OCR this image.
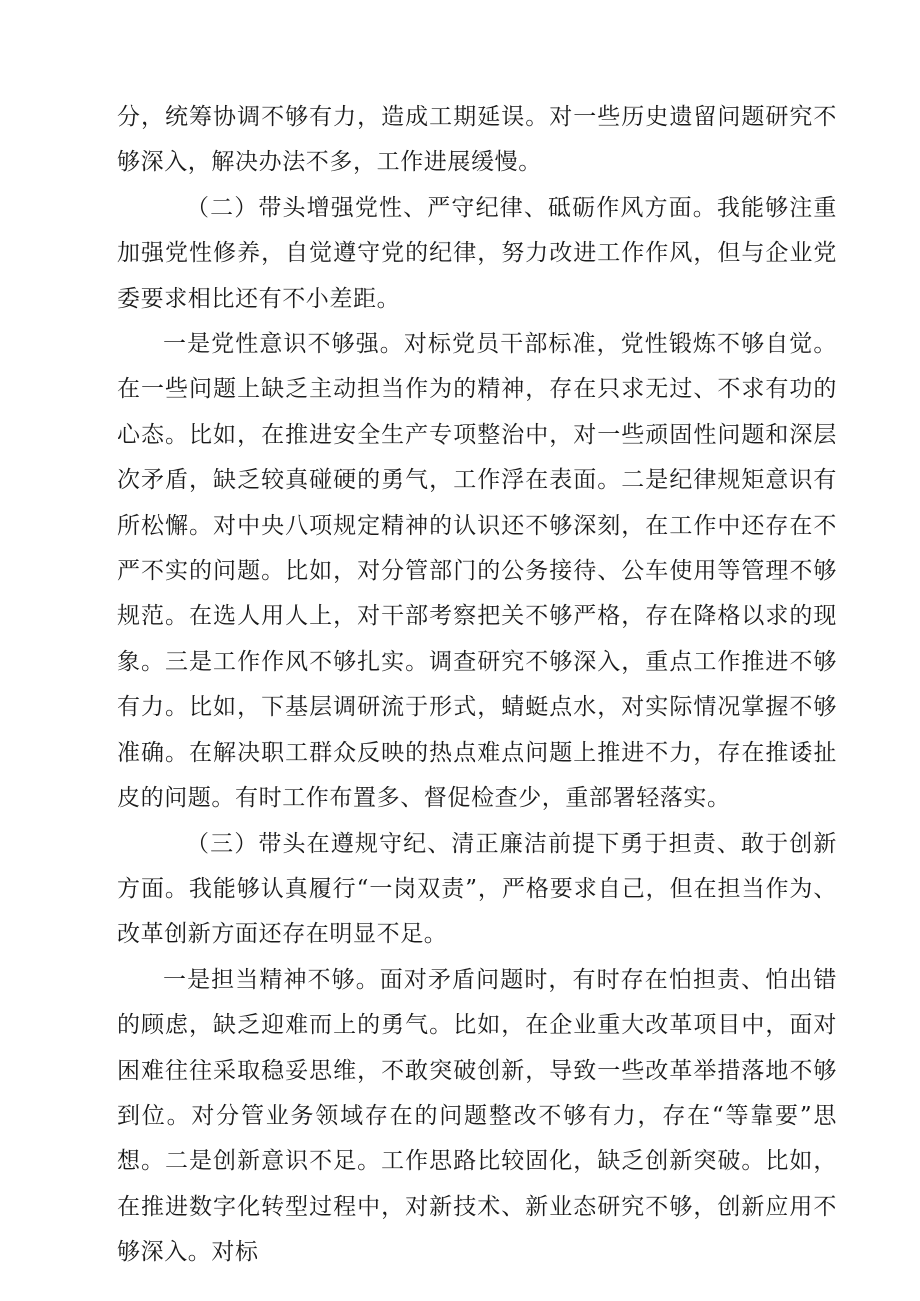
分，统筹协调不够有力，造成工期延误。对一些历史遗留问题研究不够深入，解决办法不多，工作进展缓慢。

（二）带头增强党性、严守纪律、砥砺作风方面。我能够注重加强党性修养，自觉遵守党的纪律，努力改进工作作风，但与企业党委要求相比还有不小差距。

一是党性意识不够强。对标党员干部标准，党性锻炼不够自觉。在一些问题上缺乏主动担当作为的精神，存在只求无过、不求有功的心态。比如，在推进安全生产专项整治中，对一些顽固性问题和深层次矛盾，缺乏较真碰硬的勇气，工作浮在表面。二是纪律规矩意识有所松懈。对中央八项规定精神的认识还不够深刻，在工作中还存在不严不实的问题。比如，对分管部门的公务接待、公车使用等管理不够规范。在选人用人上，对干部考察把关不够严格，存在降格以求的现象。三是工作作风不够扎实。调查研究不够深入，重点工作推进不够有力。比如，下基层调研流于形式，蜻蜓点水，对实际情况掌握不够准确。在解决职工群众反映的热点难点问题上推进不力，存在推诿扯皮的问题。有时工作布置多、督促检查少，重部署轻落实。

（三）带头在遵规守纪、清正廉洁前提下勇于担责、敢于创新方面。我能够认真履行“一岗双责”，严格要求自己，但在担当作为、改革创新方面还存在明显不足。

一是担当精神不够。面对矛盾问题时，有时存在怕担责、怕出错的顾虑，缺乏迎难而上的勇气。比如，在企业重大改革项目中，面对困难往往采取稳妥思维，不敢突破创新，导致一些改革举措落地不够到位。对分管业务领域存在的问题整改不够有力，存在“等靠要”思想。二是创新意识不足。工作思路比较固化，缺乏创新突破。比如，在推进数字化转型过程中，对新技术、新业态研究不够，创新应用不够深入。对标
